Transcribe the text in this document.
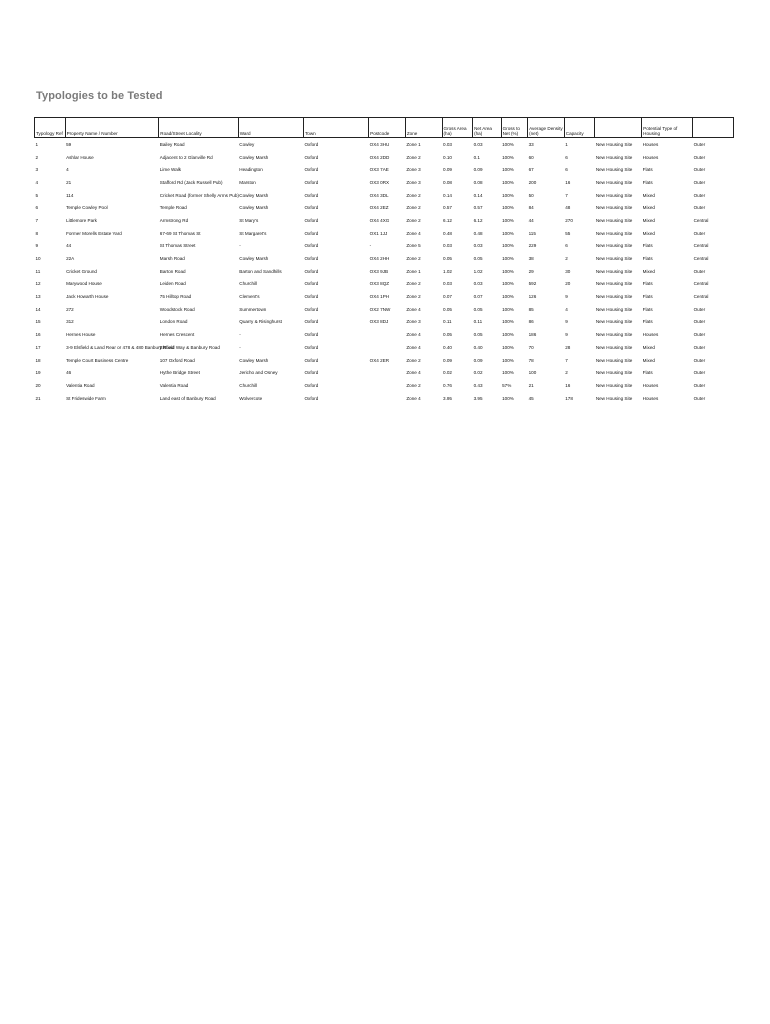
Typologies to be Tested
Typology Ref	Property Name / Number	Road/Street Locality	Ward	Town	Postcode	Zone	Gross Area (ha)	Net Area (ha)	Gross to Net (%)	Average Density (net)	Capacity		Potential Type of Housing	
1	59	Bailey Road	Cowley	Oxford	OX4 3HU	Zone 1	0.03	0.03	100%	33	1	New Housing Site	Houses	Outer
2	Ashlar House	Adjacent to 2 Glanville Rd	Cowley Marsh	Oxford	OX4 2DD	Zone 2	0.10	0.1	100%	60	6	New Housing Site	Houses	Outer
3	4	Lime Walk	Headington	Oxford	OX3 7AE	Zone 3	0.09	0.09	100%	67	6	New Housing Site	Flats	Outer
4	21	Stafford Rd (Jack Russell Pub)	Marston	Oxford	OX3 0RX	Zone 3	0.08	0.08	100%	200	16	New Housing Site	Flats	Outer
5	114	Cricket Road (former Shelly Arms Pub)	Cowley Marsh	Oxford	OX4 3DL	Zone 2	0.14	0.14	100%	50	7	New Housing Site	Mixed	Outer
6	Temple Cowley Pool	Temple Road	Cowley Marsh	Oxford	OX4 2EZ	Zone 2	0.57	0.57	100%	84	48	New Housing Site	Mixed	Outer
7	Littlemore Park	Armstrong Rd	St Mary's	Oxford	OX4 4XG	Zone 2	6.12	6.12	100%	44	270	New Housing Site	Mixed	Central
8	Former Morells Estate Yard	67-69 St Thomas St	St Margaret's	Oxford	OX1 1JJ	Zone 4	0.48	0.48	100%	115	55	New Housing Site	Mixed	Outer
9	44	St Thomas Street	-	Oxford	-	Zone 5	0.03	0.03	100%	229	6	New Housing Site	Flats	Central
10	22A	Marsh Road	Cowley Marsh	Oxford	OX4 2HH	Zone 2	0.05	0.05	100%	38	2	New Housing Site	Flats	Central
11	Cricket Ground	Barton Road	Barton and Sandhills	Oxford	OX3 9JB	Zone 1	1.02	1.02	100%	29	30	New Housing Site	Mixed	Outer
12	Marywood House	Leiden Road	Churchill	Oxford	OX3 8QZ	Zone 2	0.03	0.03	100%	592	20	New Housing Site	Flats	Central
13	Jack Howarth House	75 Hilltop Road	Clement's	Oxford	OX4 1PH	Zone 2	0.07	0.07	100%	126	9	New Housing Site	Flats	Central
14	272	Woodstock Road	Summertown	Oxford	OX2 7NW	Zone 4	0.05	0.05	100%	85	4	New Housing Site	Flats	Outer
15	312	London Road	Quarry & Risinghurst	Oxford	OX3 8DJ	Zone 3	0.11	0.11	100%	86	9	New Housing Site	Flats	Outer
16	Hernes House	Hernes Crescent	-	Oxford		Zone 4	0.05	0.05	100%	186	9	New Housing Site	Houses	Outer
17	3-9 Elsfield & Land Rear or 478 & 480 Banbury Road	Elsfield Way & Banbury Road	-	Oxford		Zone 4	0.40	0.40	100%	70	28	New Housing Site	Mixed	Outer
18	Temple Court Business Centre	107 Oxford Road	Cowley Marsh	Oxford	OX4 2ER	Zone 2	0.09	0.09	100%	78	7	New Housing Site	Mixed	Outer
19	46	Hythe Bridge Street	Jericho and Osney	Oxford		Zone 4	0.02	0.02	100%	100	2	New Housing Site	Flats	Outer
20	Valentia Road	Valentia Road	Churchill	Oxford		Zone 2	0.76	0.43	57%	21	16	New Housing Site	Houses	Outer
21	St Frideswide Farm	Land east of Banbury Road	Wolvercote	Oxford		Zone 4	3.95	3.95	100%	45	178	New Housing Site	Houses	Outer
